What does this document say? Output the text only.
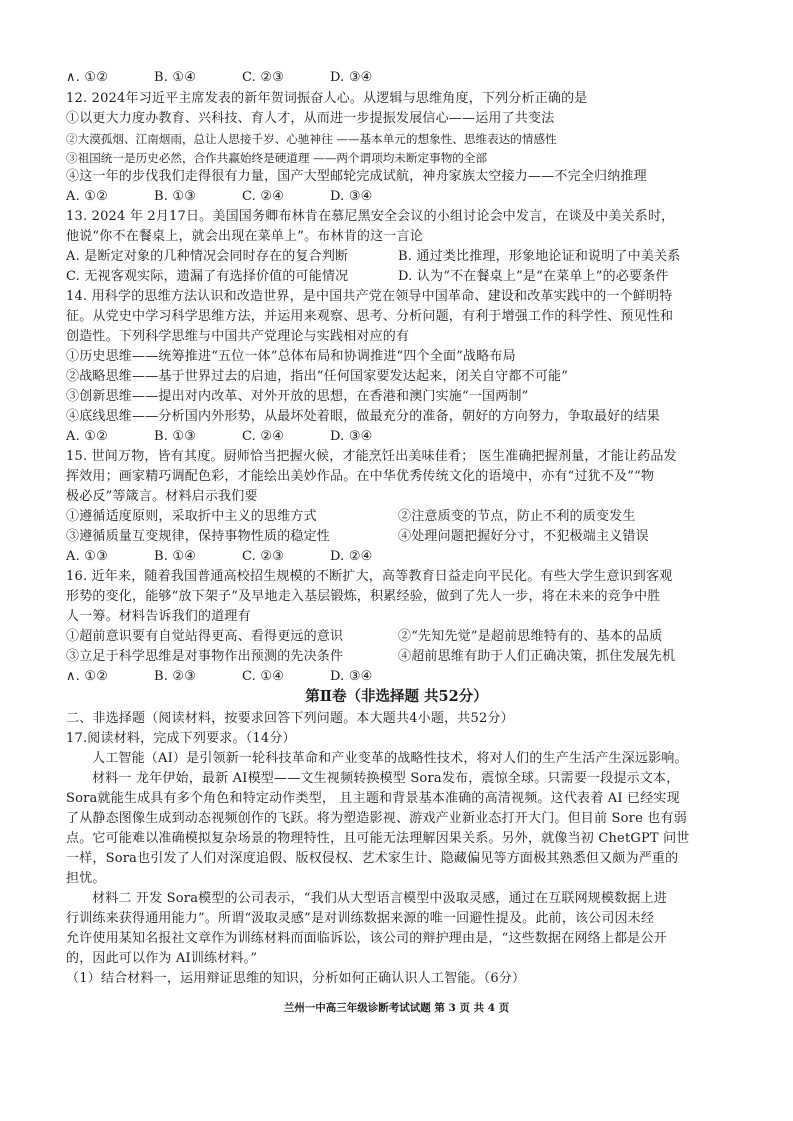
∧. ①②	B. ①④	C. ②③	D. ③④
12. 2024年习近平主席发表的新年贺词振奋人心。从逻辑与思维角度，下列分析正确的是
①以更大力度办教育、兴科技、育人才，从而进一步提振发展信心——运用了共变法
②大漠孤烟、江南烟雨，总让人思接千岁、心驰神往 ——基本单元的想象性、思维表达的情感性
③祖国统一是历史必然，合作共赢始终是硬道理 ——两个谓项均未断定事物的全部
④这一年的步伐我们走得很有力量，国产大型邮轮完成试航，神舟家族太空接力——不完全归纳推理
A. ①②	B. ①③	C. ②④	D. ③④
13. 2024 年 2月17日。美国国务卿布林肯在慕尼黑安全会议的小组讨论会中发言，在谈及中美关系时，
他说“你不在餐桌上，就会出现在菜单上”。布林肯的这一言论
A. 是断定对象的几种情况会同时存在的复合判断	B. 通过类比推理，形象地论证和说明了中美关系
C. 无视客观实际，遗漏了有选择价值的可能情况	D. 认为“不在餐桌上”是“在菜单上”的必要条件
14. 用科学的思维方法认识和改造世界，是中国共产党在领导中国革命、建设和改革实践中的一个鲜明特
征。从党史中学习科学思维方法，并运用来观察、思考、分析问题，有利于增强工作的科学性、预见性和
创造性。下列科学思维与中国共产党理论与实践相对应的有
①历史思维——统筹推进“五位一体”总体布局和协调推进“四个全面”战略布局
②战略思维——基于世界过去的启迪，指出“任何国家要发达起来，闭关自守都不可能”
③创新思维——提出对内改革、对外开放的思想，在香港和澳门实施“一国两制”
④底线思维——分析国内外形势，从最坏处着眼，做最充分的准备，朝好的方向努力，争取最好的结果
A. ①②	B. ①③	C. ②④	D. ③④
15. 世间万物，皆有其度。厨师恰当把握火候，才能烹饪出美味佳肴； 医生准确把握剂量，才能让药品发
挥效用；画家精巧调配色彩，才能绘出美妙作品。在中华优秀传统文化的语境中，亦有“过犹不及”“物
极必反”等箴言。材料启示我们要
①遵循适度原则，采取折中主义的思维方式	②注意质变的节点，防止不利的质变发生
③遵循质量互变规律，保持事物性质的稳定性	④处理问题把握好分寸，不犯极端主义错误
A. ①③	B. ①④	C. ②③	D. ②④
16. 近年来，随着我国普通高校招生规模的不断扩大，高等教育日益走向平民化。有些大学生意识到客观
形势的变化，能够“放下架子”及早地走入基层锻炼，积累经验，做到了先人一步，将在未来的竞争中胜
人一筹。材料告诉我们的道理有
①超前意识要有自觉站得更高、看得更远的意识	②“先知先觉”是超前思维特有的、基本的品质
③立足于科学思维是对事物作出预测的先决条件	④超前思维有助于人们正确决策，抓住发展先机
∧. ①②	B. ②③	C. ①④	D. ③④
第Ⅱ卷（非选择题 共52分）
二、非选择题（阅读材料，按要求回答下列问题。本大题共4小题，共52分）
17.阅读材料，完成下列要求。（14分）
人工智能（AI）是引领新一轮科技革命和产业变革的战略性技术，将对人们的生产生活产生深远影响。
材料一 龙年伊始，最新 AI模型——文生视频转换模型 Sora发布，震惊全球。只需要一段提示文本，
Sora就能生成具有多个角色和特定动作类型， 且主题和背景基本准确的高清视频。这代表着 AI 已经实现
了从静态图像生成到动态视频创作的飞跃。将为塑造影视、游戏产业新业态打开大门。但目前 Sore 也有弱
点。它可能难以准确模拟复杂场景的物理特性，且可能无法理解因果关系。另外，就像当初 ChetGPT 问世
一样，Sora也引发了人们对深度追假、版权侵权、艺术家生计、隐藏偏见等方面极其熟悉但又颇为严重的
担忧。
材料二 开发 Sora模型的公司表示，“我们从大型语言模型中汲取灵感，通过在互联网规模数据上进
行训练来获得通用能力”。所谓“汲取灵感”是对训练数据来源的唯一回避性提及。此前，该公司因未经
允许使用某知名报社文章作为训练材料而面临诉讼，该公司的辩护理由是，“这些数据在网络上都是公开
的，因此可以作为 AI训练材料。”
（1）结合材料一，运用辩证思维的知识，分析如何正确认识人工智能。（6分）
兰州一中高三年级诊断考试试题 第 3 页 共 4 页
